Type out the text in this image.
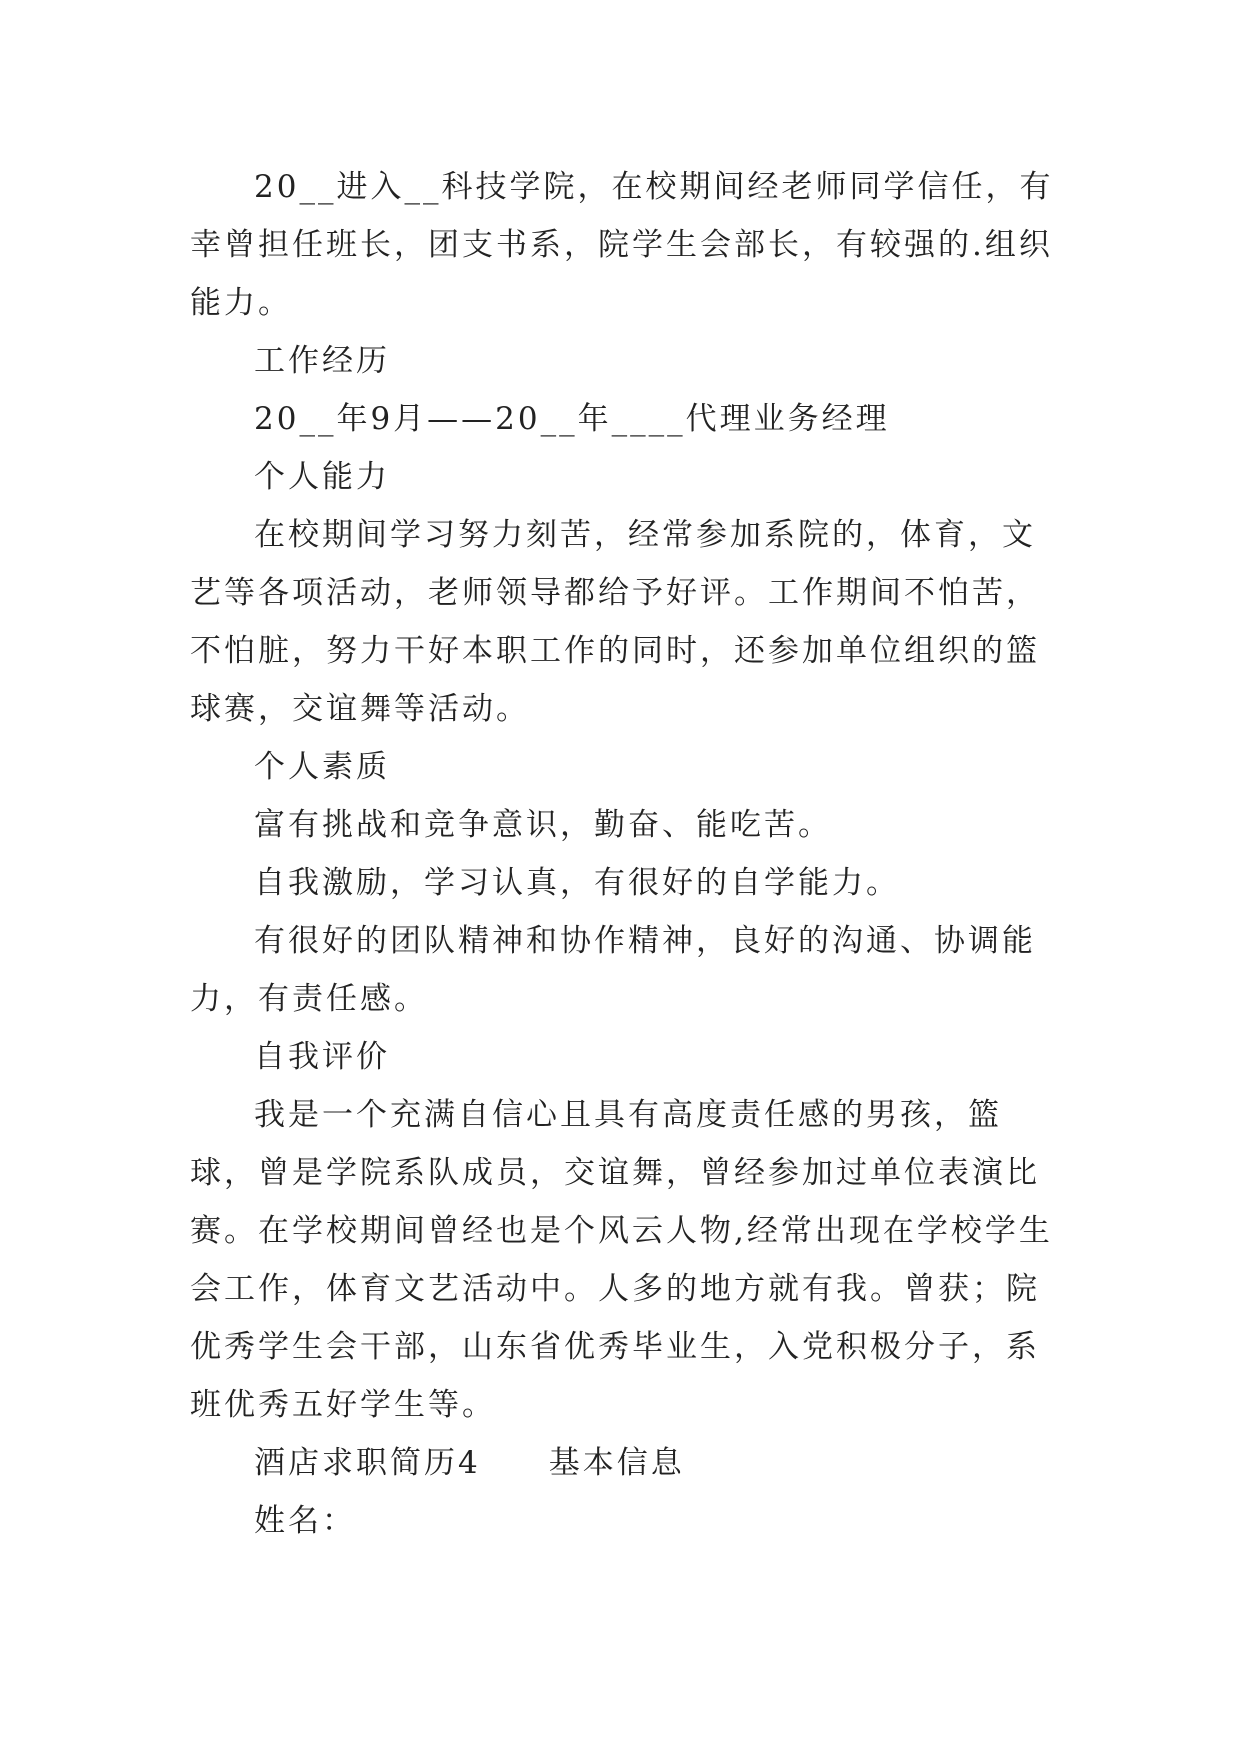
20__进入__科技学院，在校期间经老师同学信任，有幸曾担任班长，团支书系，院学生会部长，有较强的.组织能力。

工作经历

20__年9月——20__年____代理业务经理

个人能力

在校期间学习努力刻苦，经常参加系院的，体育，文艺等各项活动，老师领导都给予好评。工作期间不怕苦，不怕脏，努力干好本职工作的同时，还参加单位组织的篮球赛，交谊舞等活动。

个人素质

富有挑战和竞争意识，勤奋、能吃苦。

自我激励，学习认真，有很好的自学能力。

有很好的团队精神和协作精神，良好的沟通、协调能力，有责任感。

自我评价

我是一个充满自信心且具有高度责任感的男孩，篮球，曾是学院系队成员，交谊舞，曾经参加过单位表演比赛。在学校期间曾经也是个风云人物,经常出现在学校学生会工作，体育文艺活动中。人多的地方就有我。曾获；院优秀学生会干部，山东省优秀毕业生，入党积极分子，系班优秀五好学生等。

酒店求职简历4　　基本信息

姓名：
